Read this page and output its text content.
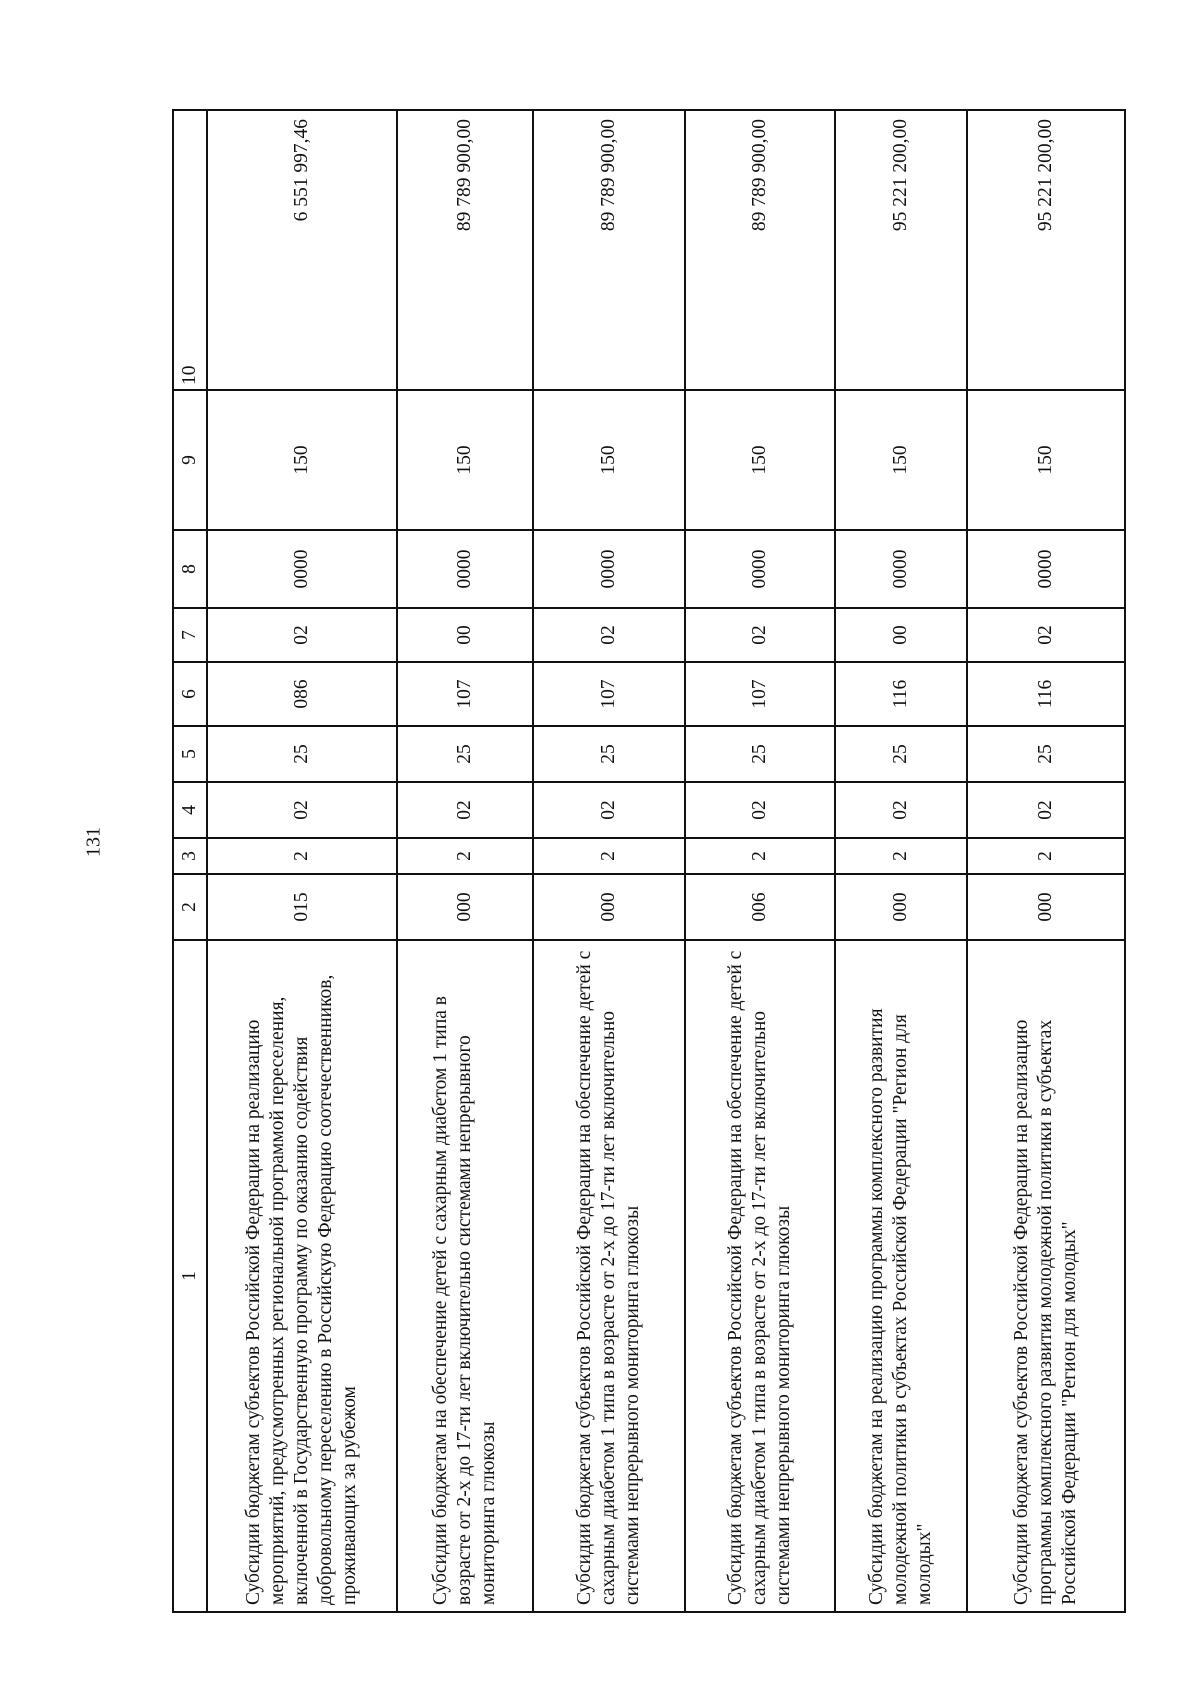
131
1	2	3	4	5	6	7	8	9	10
Субсидии бюджетам субъектов Российской Федерации на реализацию мероприятий, предусмотренных региональной программой переселения, включенной в Государственную программу по оказанию содействия добровольному переселению в Российскую Федерацию соотечественников, проживающих за рубежом	015	2	02	25	086	02	0000	150	6 551 997,46
Субсидии бюджетам на обеспечение детей с сахарным диабетом 1 типа в возрасте от 2-х до 17-ти лет включительно системами непрерывного мониторинга глюкозы	000	2	02	25	107	00	0000	150	89 789 900,00
Субсидии бюджетам субъектов Российской Федерации на обеспечение детей с сахарным диабетом 1 типа в возрасте от 2-х до 17-ти лет включительно системами непрерывного мониторинга глюкозы	000	2	02	25	107	02	0000	150	89 789 900,00
Субсидии бюджетам субъектов Российской Федерации на обеспечение детей с сахарным диабетом 1 типа в возрасте от 2-х до 17-ти лет включительно системами непрерывного мониторинга глюкозы	006	2	02	25	107	02	0000	150	89 789 900,00
Субсидии бюджетам на реализацию программы комплексного развития молодежной политики в субъектах Российской Федерации "Регион для молодых"	000	2	02	25	116	00	0000	150	95 221 200,00
Субсидии бюджетам субъектов Российской Федерации на реализацию программы комплексного развития молодежной политики в субъектах Российской Федерации "Регион для молодых"	000	2	02	25	116	02	0000	150	95 221 200,00
